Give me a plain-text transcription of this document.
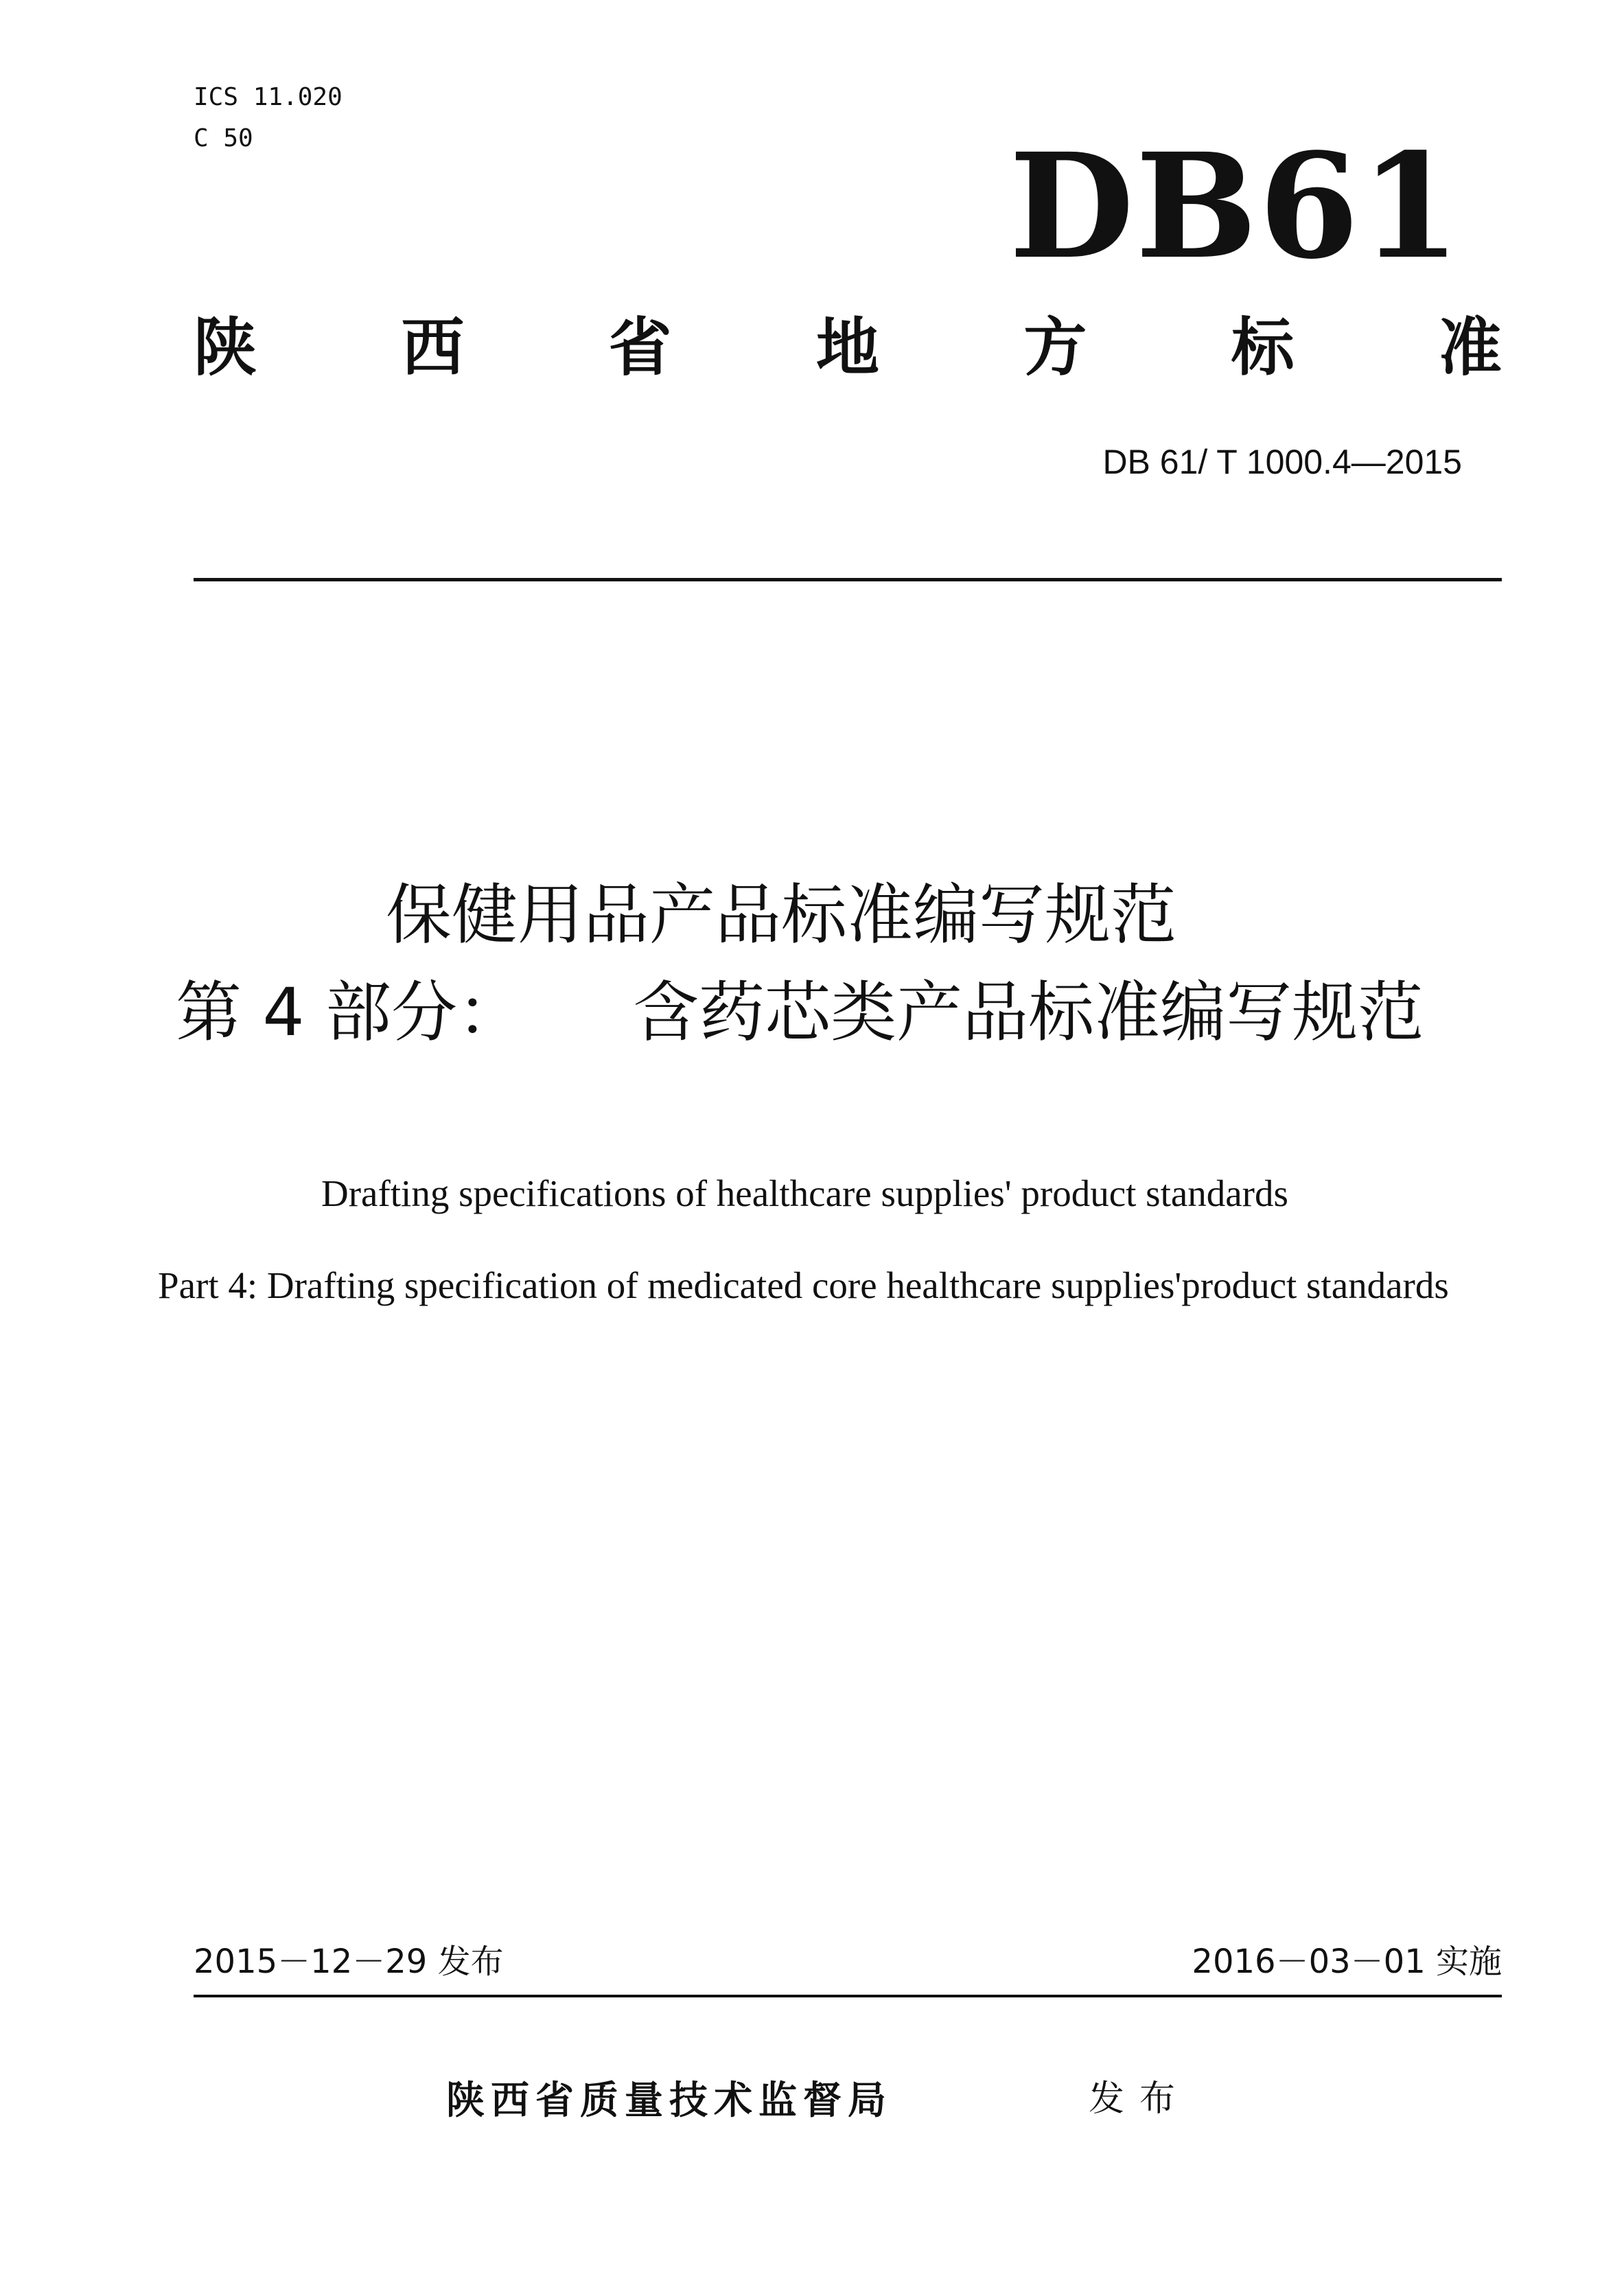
ICS 11.020
C 50	DB61
陕 西 省 地 方 标 准
DB 61/ T 1000.4—2015
保健用品产品标准编写规范
第 4 部分： 含药芯类产品标准编写规范
Drafting specifications of healthcare supplies' product standards
Part 4: Drafting specification of medicated core healthcare supplies'product standards
2015－12－29 发布	2016－03－01 实施
陕西省质量技术监督局	发布
